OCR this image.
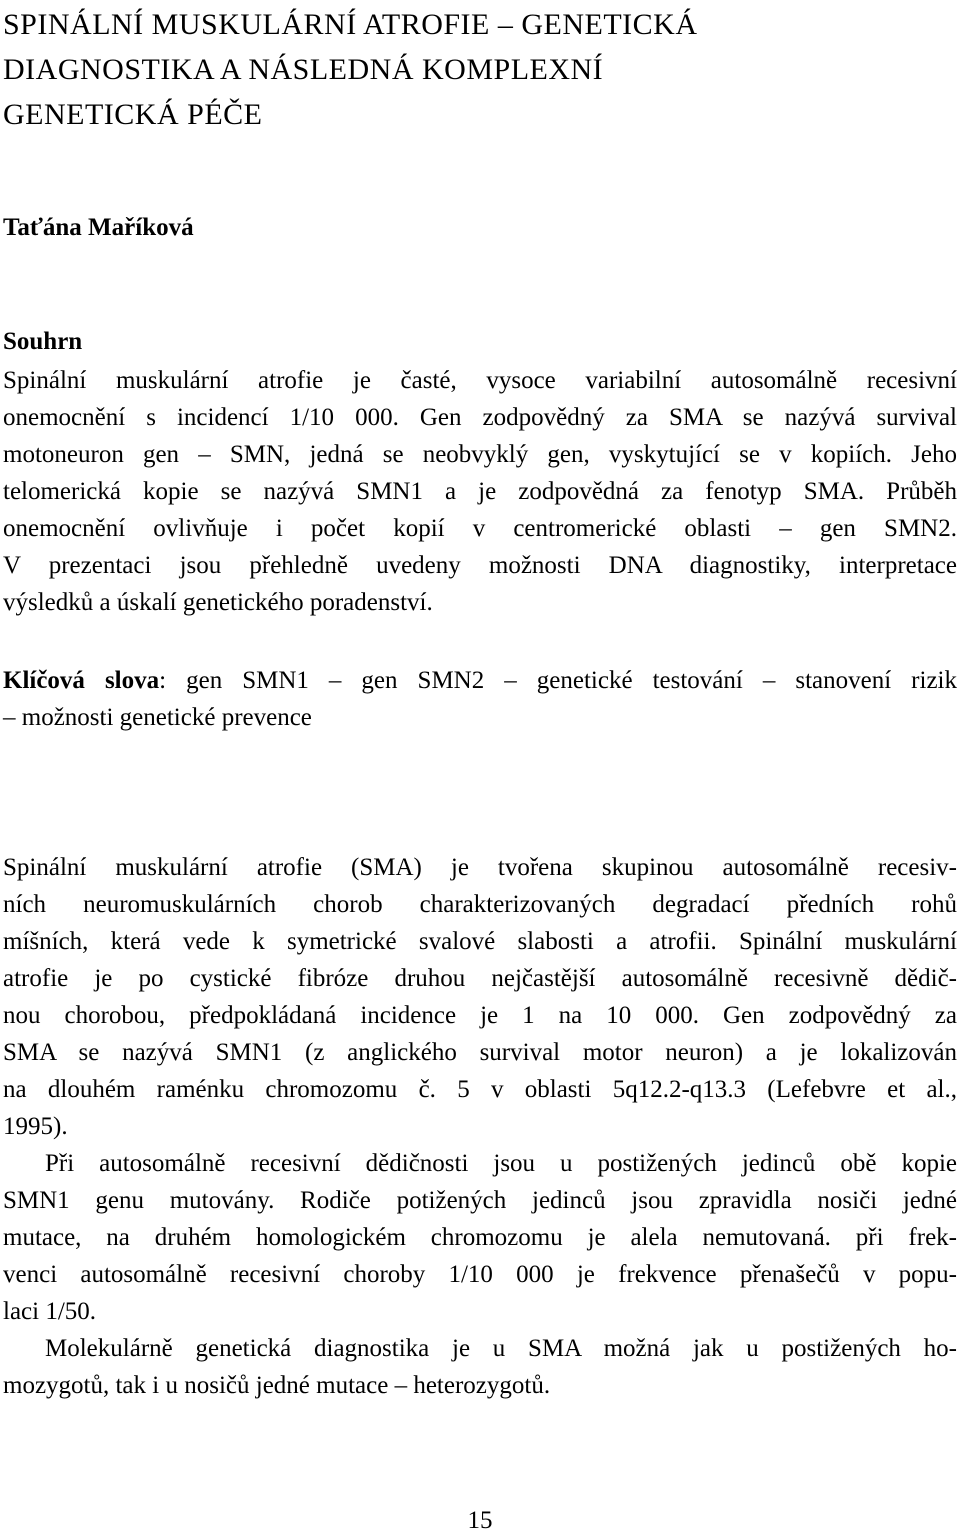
SPINÁLNÍ MUSKULÁRNÍ ATROFIE – GENETICKÁ
DIAGNOSTIKA A NÁSLEDNÁ KOMPLEXNÍ
GENETICKÁ PÉČE

Taťána Maříková

Souhrn
Spinální muskulární atrofie je časté, vysoce variabilní autosomálně recesivní
onemocnění s incidencí 1/10 000. Gen zodpovědný za SMA se nazývá survival
motoneuron gen – SMN, jedná se neobvyklý gen, vyskytující se v kopiích. Jeho
telomerická kopie se nazývá SMN1 a je zodpovědná za fenotyp SMA. Průběh
onemocnění ovlivňuje i počet kopií v centromerické oblasti – gen SMN2.
V prezentaci jsou přehledně uvedeny možnosti DNA diagnostiky, interpretace
výsledků a úskalí genetického poradenství.
Klíčová slova: gen SMN1 – gen SMN2 – genetické testování – stanovení rizik
– možnosti genetické prevence
Spinální muskulární atrofie (SMA) je tvořena skupinou autosomálně recesiv-
ních neuromuskulárních chorob charakterizovaných degradací předních rohů
míšních, která vede k symetrické svalové slabosti a atrofii. Spinální muskulární
atrofie je po cystické fibróze druhou nejčastější autosomálně recesivně dědič-
nou chorobou, předpokládaná incidence je 1 na 10 000. Gen zodpovědný za
SMA se nazývá SMN1 (z anglického survival motor neuron) a je lokalizován
na dlouhém raménku chromozomu č. 5 v oblasti 5q12.2-q13.3 (Lefebvre et al.,
1995).
Při autosomálně recesivní dědičnosti jsou u postižených jedinců obě kopie
SMN1 genu mutovány. Rodiče potižených jedinců jsou zpravidla nosiči jedné
mutace, na druhém homologickém chromozomu je alela nemutovaná. při frek-
venci autosomálně recesivní choroby 1/10 000 je frekvence přenašečů v popu-
laci 1/50.
Molekulárně genetická diagnostika je u SMA možná jak u postižených ho-
mozygotů, tak i u nosičů jedné mutace – heterozygotů.
15
